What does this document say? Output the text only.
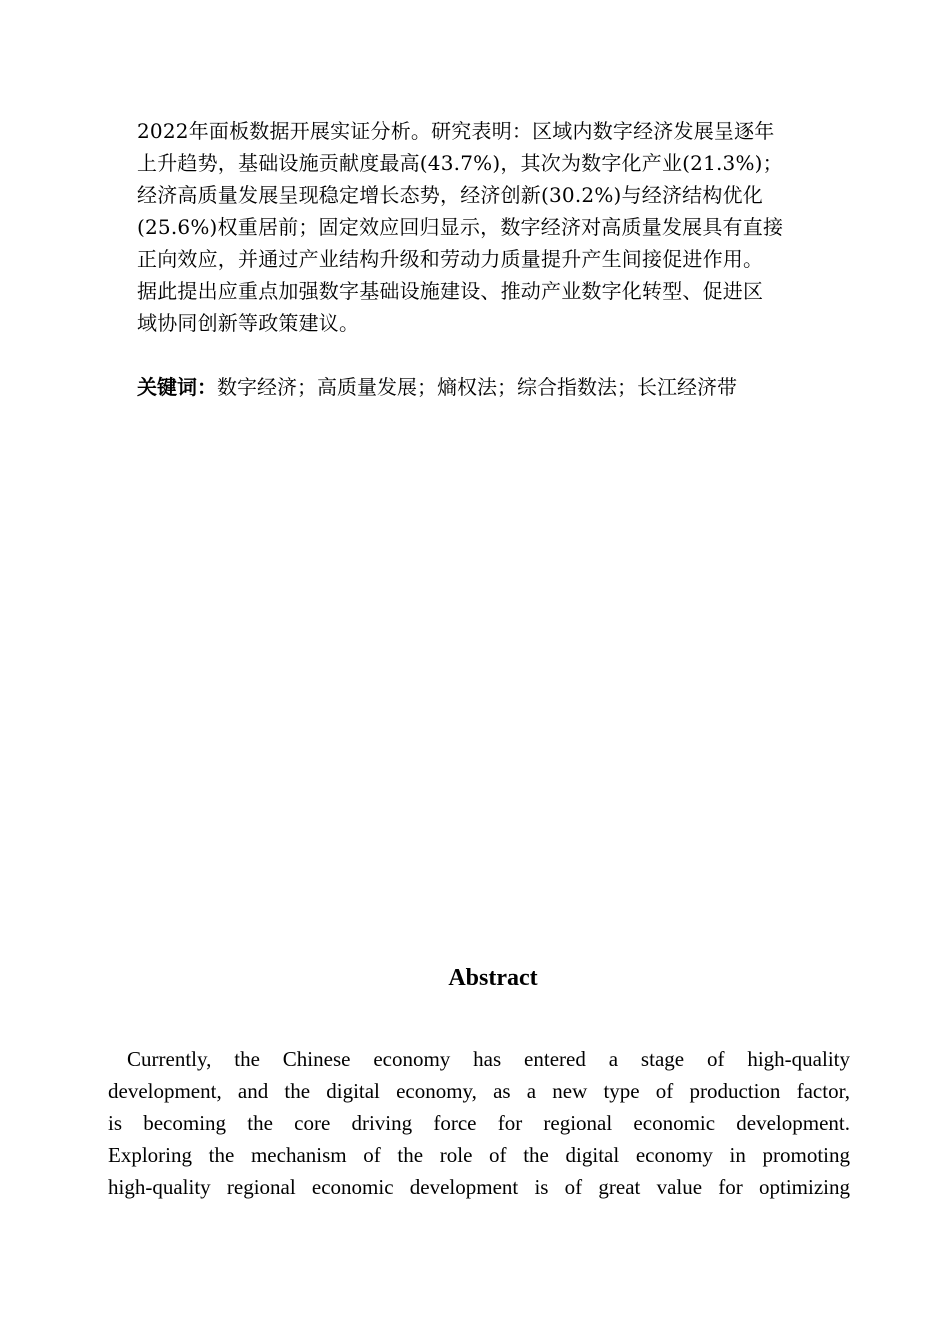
2022年面板数据开展实证分析。研究表明：区域内数字经济发展呈逐年
上升趋势，基础设施贡献度最高(43.7%)，其次为数字化产业(21.3%)；
经济高质量发展呈现稳定增长态势，经济创新(30.2%)与经济结构优化
(25.6%)权重居前；固定效应回归显示，数字经济对高质量发展具有直接
正向效应，并通过产业结构升级和劳动力质量提升产生间接促进作用。
据此提出应重点加强数字基础设施建设、推动产业数字化转型、促进区
域协同创新等政策建议。
关键词：数字经济；高质量发展；熵权法；综合指数法；长江经济带
Abstract
Currently, the Chinese economy has entered a stage of high-quality
development, and the digital economy, as a new type of production factor,
is becoming the core driving force for regional economic development.
Exploring the mechanism of the role of the digital economy in promoting
high-quality regional economic development is of great value for optimizing
